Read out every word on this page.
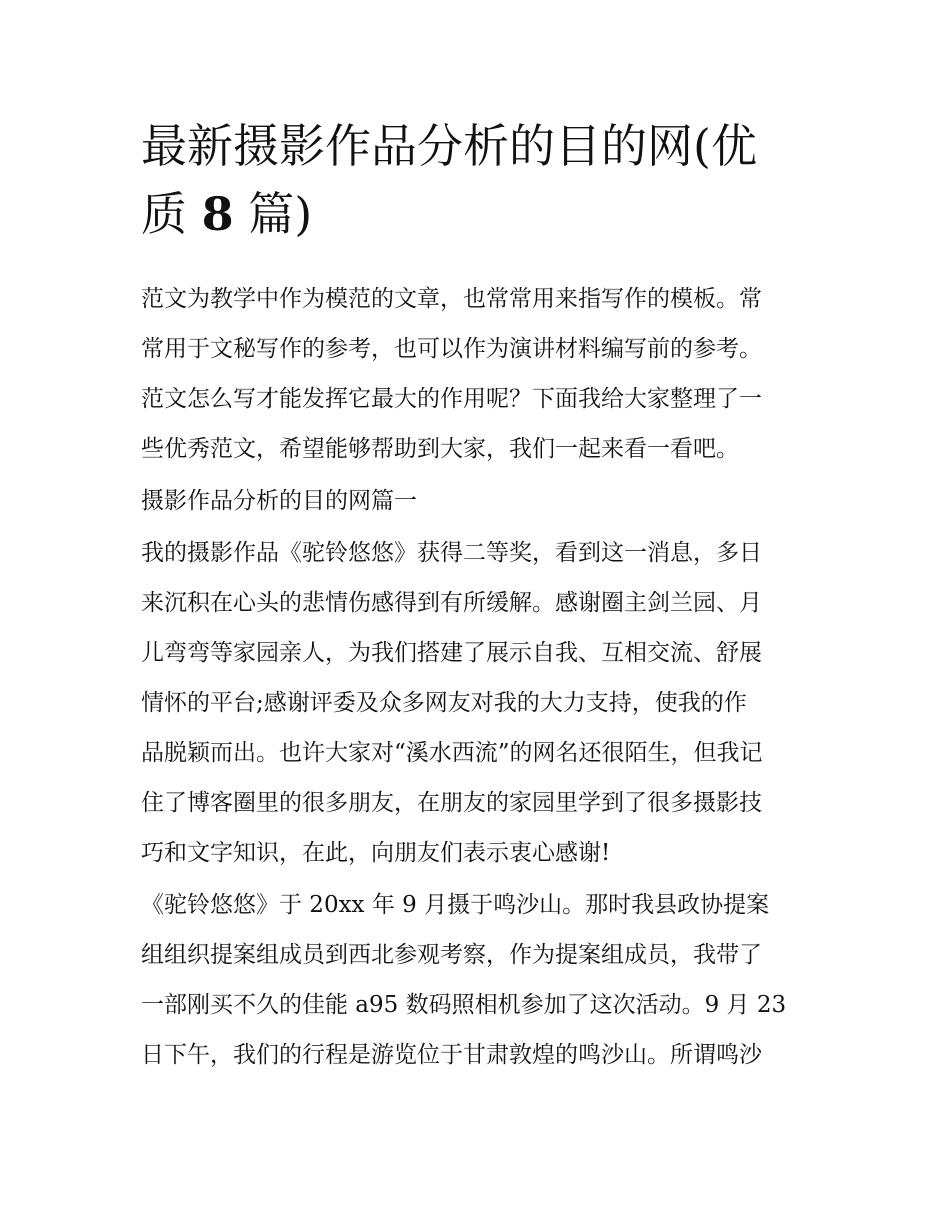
最新摄影作品分析的目的网(优
质 8 篇)

范文为教学中作为模范的文章，也常常用来指写作的模板。常

常用于文秘写作的参考，也可以作为演讲材料编写前的参考。

范文怎么写才能发挥它最大的作用呢？下面我给大家整理了一

些优秀范文，希望能够帮助到大家，我们一起来看一看吧。

摄影作品分析的目的网篇一

我的摄影作品《驼铃悠悠》获得二等奖，看到这一消息，多日

来沉积在心头的悲情伤感得到有所缓解。感谢圈主剑兰园、月

儿弯弯等家园亲人，为我们搭建了展示自我、互相交流、舒展

情怀的平台;感谢评委及众多网友对我的大力支持，使我的作

品脱颖而出。也许大家对“溪水西流”的网名还很陌生，但我记

住了博客圈里的很多朋友，在朋友的家园里学到了很多摄影技

巧和文字知识，在此，向朋友们表示衷心感谢!

《驼铃悠悠》于 20xx 年 9 月摄于鸣沙山。那时我县政协提案

组组织提案组成员到西北参观考察，作为提案组成员，我带了

一部刚买不久的佳能 a95 数码照相机参加了这次活动。9 月 23

日下午，我们的行程是游览位于甘肃敦煌的鸣沙山。所谓鸣沙
